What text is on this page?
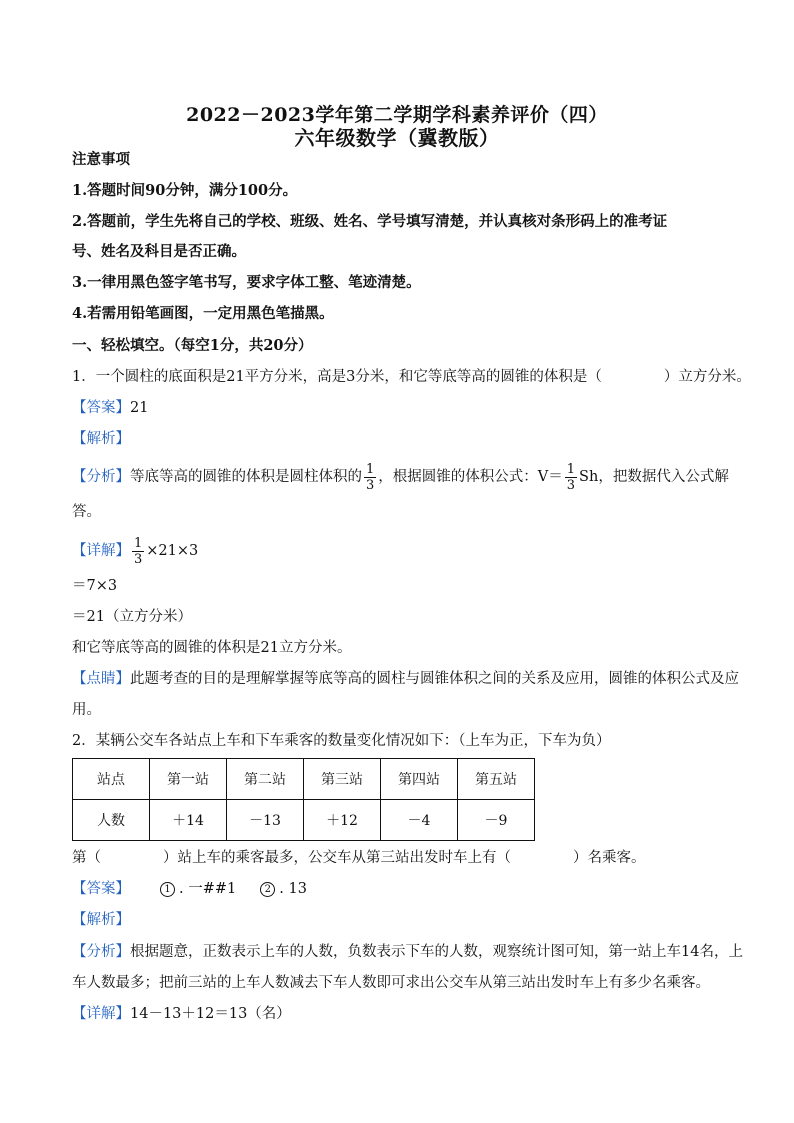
2022－2023学年第二学期学科素养评价（四）
六年级数学（冀教版）
注意事项
1.答题时间90分钟，满分100分。
2.答题前，学生先将自己的学校、班级、姓名、学号填写清楚，并认真核对条形码上的准考证
号、姓名及科目是否正确。
3.一律用黑色签字笔书写，要求字体工整、笔迹清楚。
4.若需用铅笔画图，一定用黑色笔描黑。
一、轻松填空。（每空1分，共20分）
1．一个圆柱的底面积是21平方分米，高是3分米，和它等底等高的圆锥的体积是（	）立方分米。
【答案】21
【解析】
【分析】等底等高的圆锥的体积是圆柱体积的 $\frac{1}{3}$ ，根据圆锥的体积公式：$V= \frac{1}{3}$ Sh，把数据代入公式解
答。
【详解】 $\frac{1}{3} \times 21\times 3$
＝7×3
＝21（立方分米）
和它等底等高的圆锥的体积是21立方分米。
【点睛】此题考查的目的是理解掌握等底等高的圆柱与圆锥体积之间的关系及应用，圆锥的体积公式及应
用。
2．某辆公交车各站点上车和下车乘客的数量变化情况如下：（上车为正，下车为负）
站点	第一站	第二站	第三站	第四站	第五站
人数	＋14	－13	＋12	－4	－9
第（	）站上车的乘客最多，公交车从第三站出发时车上有（	）名乘客。
【答案】	1 . 一##1	2 . 13
【解析】
【分析】根据题意，正数表示上车的人数，负数表示下车的人数，观察统计图可知，第一站上车14名，上
车人数最多；把前三站的上车人数减去下车人数即可求出公交车从第三站出发时车上有多少名乘客。
【详解】14－13＋12＝13（名）
